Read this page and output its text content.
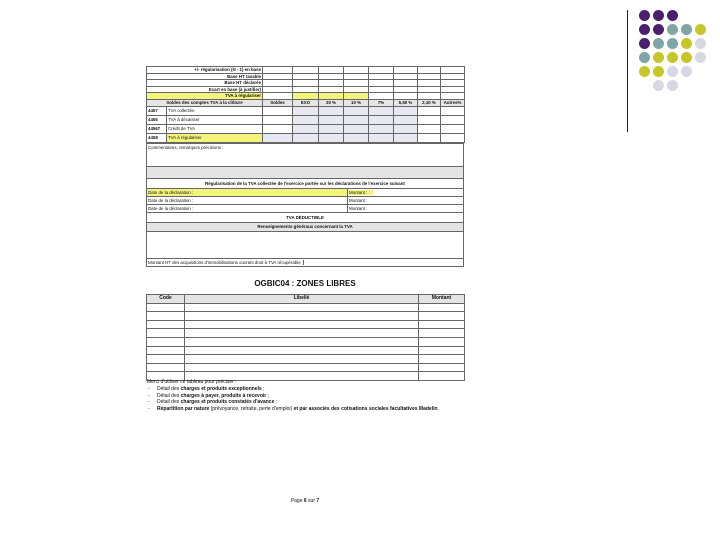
+/- régularisation (N - 1) en base									
Base HT taxable									
Base HT déclarée									
Ecart en base (à justifier)									
TVA à régulariser									
Soldes des comptes TVA à la clôture		Soldes	EXO	20 %	10 %	7%	5,50 %	2,10 %	Autres%
4457	TVA collectée								
4455	TVA à décaisser								
44567	Crédit de TVA								
4458	TVA à régulariser								
Commentaires, remarques précisions :
Régularisation de la TVA collectée de l'exercice portée sur les déclarations de l'exercice suivant
Date de la déclaration :	Montant :
Date de la déclaration :	Montant :
Date de la déclaration :	Montant :
TVA DÉDUCTIBLE
Renseignements généraux concernant la TVA
Montant HT des acquisitions d'immobilisations ouvrant droit à TVA récupérable
OGBIC04 : ZONES LIBRES
Code	Libellé	Montant

Merci d'utiliser ce tableau pour préciser :
- Détail des charges et produits exceptionnels ;
- Détail des charges à payer, produits à recevoir ;
- Détail des charges et produits constatés d'avance ;
- Répartition par nature (prévoyance, retraite, perte d'emploi) et par associés des cotisations sociales facultatives Madelin.
Page 6 sur 7
